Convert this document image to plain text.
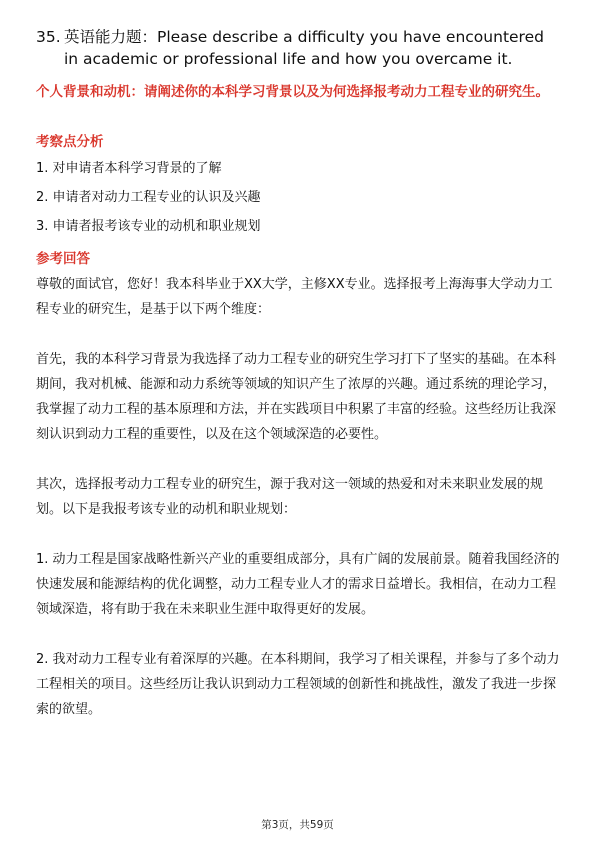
35. 英语能力题：Please describe a difficulty you have encountered
in academic or professional life and how you overcame it.
个人背景和动机：请阐述你的本科学习背景以及为何选择报考动力工程专业的研究生。
考察点分析
1. 对申请者本科学习背景的了解
2. 申请者对动力工程专业的认识及兴趣
3. 申请者报考该专业的动机和职业规划
参考回答

尊敬的面试官，您好！我本科毕业于XX大学，主修XX专业。选择报考上海海事大学动力工程专业的研究生，是基于以下两个维度：

首先，我的本科学习背景为我选择了动力工程专业的研究生学习打下了坚实的基础。在本科期间，我对机械、能源和动力系统等领域的知识产生了浓厚的兴趣。通过系统的理论学习，我掌握了动力工程的基本原理和方法，并在实践项目中积累了丰富的经验。这些经历让我深刻认识到动力工程的重要性，以及在这个领域深造的必要性。

其次，选择报考动力工程专业的研究生，源于我对这一领域的热爱和对未来职业发展的规划。以下是我报考该专业的动机和职业规划：

1. 动力工程是国家战略性新兴产业的重要组成部分，具有广阔的发展前景。随着我国经济的快速发展和能源结构的优化调整，动力工程专业人才的需求日益增长。我相信，在动力工程领域深造，将有助于我在未来职业生涯中取得更好的发展。

2. 我对动力工程专业有着深厚的兴趣。在本科期间，我学习了相关课程，并参与了多个动力工程相关的项目。这些经历让我认识到动力工程领域的创新性和挑战性，激发了我进一步探索的欲望。

第3页，共59页
